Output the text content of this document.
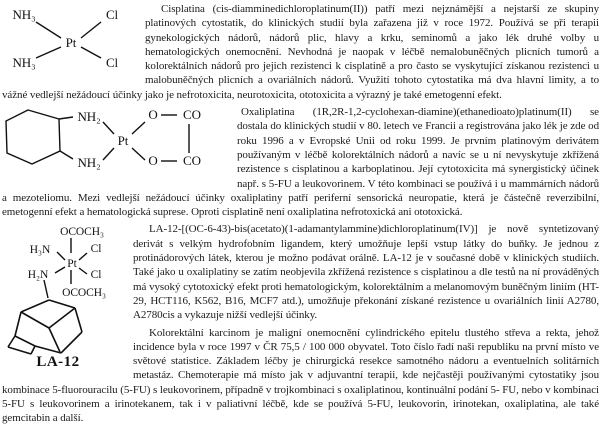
NH₃	Cl
Pt
NH₃	Cl

Cisplatina (cis-diamminedichloroplatinum(II)) patří mezi nejznámější a nejstarší ze skupiny platinových cytostatik, do klinických studií byla zařazena již v roce 1972. Používá se při terapii gynekologických nádorů, nádorů plic, hlavy a krku, seminomů a jako lék druhé volby u hematologických onemocnění. Nevhodná je naopak v léčbě nemalobuněčných plicních tumorů a kolorektálních nádorů pro jejich rezistenci k cisplatině a pro často se vyskytující získanou rezistenci u malobuněčných plicních a ovariálních nádorů. Využití tohoto cytostatika má dva hlavní limity, a to vážné vedlejší nežádoucí účinky jako je nefrotoxicita, neurotoxicita, ototoxicita a výrazný je také emetogenní efekt.

NH₂
NH₂
Pt
O
O
CO
CO

Oxaliplatina (1R,2R-1,2-cyclohexan-diamine)(ethanedioato)platinum(II) se dostala do klinických studií v 80. letech ve Francii a registrována jako lék je zde od roku 1996 a v Evropské Unii od roku 1999. Je prvním platinovým derivátem používaným v léčbě kolorektálních nádorů a navíc se u ní nevyskytuje zkřížená rezistence s cisplatinou a karboplatinou. Její cytotoxicita má synergistický účinek např. s 5-FU a leukovorinem. V této kombinaci se používá i u mammárních nádorů a mezoteliomu. Mezi vedlejší nežádoucí účinky oxaliplatiny patří periferní sensorická neuropatie, která je částečně reverzibilní, emetogenní efekt a hematologická suprese. Oproti cisplatině není oxaliplatina nefrotoxická ani ototoxická.

OCOCH₃
H₃N	Cl
Pt
H₂N	Cl
OCOCH₃
LA-12

LA-12-[(OC-6-43)-bis(acetato)(1-adamantylammine)dichloroplatinum(IV)] je nově syntetizovaný derivát s velkým hydrofobním ligandem, který umožňuje lepší vstup látky do buňky. Je jednou z protinádorových látek, kterou je možno podávat orálně. LA-12 je v současné době v klinických studiích. Také jako u oxaliplatiny se zatím neobjevila zkřížená rezistence s cisplatinou a dle testů na ní prováděných má vysoký cytotoxický efekt proti hematologickým, kolorektálním a melanomovým buněčným liniím (HT-29, HCT116, K562, B16, MCF7 atd.), umožňuje překonání získané rezistence u ovariálních linií A2780, A2780cis a vykazuje nižší vedlejší účinky.

Kolorektální karcinom je maligní onemocnění cylindrického epitelu tlustého střeva a rekta, jehož incidence byla v roce 1997 v ČR 75,5 / 100 000 obyvatel. Toto číslo řadí naši republiku na první místo ve světové statistice. Základem léčby je chirurgická resekce samotného nádoru a eventuelních solitárních metastáz. Chemoterapie má místo jak v adjuvantní terapii, kde nejčastěji používanými cytostatiky jsou kombinace 5-fluorouracilu (5-FU) s leukovorinem, případně v trojkombinaci s oxaliplatinou, kontinuální podání 5- FU, nebo v kombinaci 5-FU s leukovorinem a irinotekanem, tak i v paliativní léčbě, kde se používá 5-FU, leukovorin, irinotekan, oxaliplatina, ale také gemcitabin a další.
